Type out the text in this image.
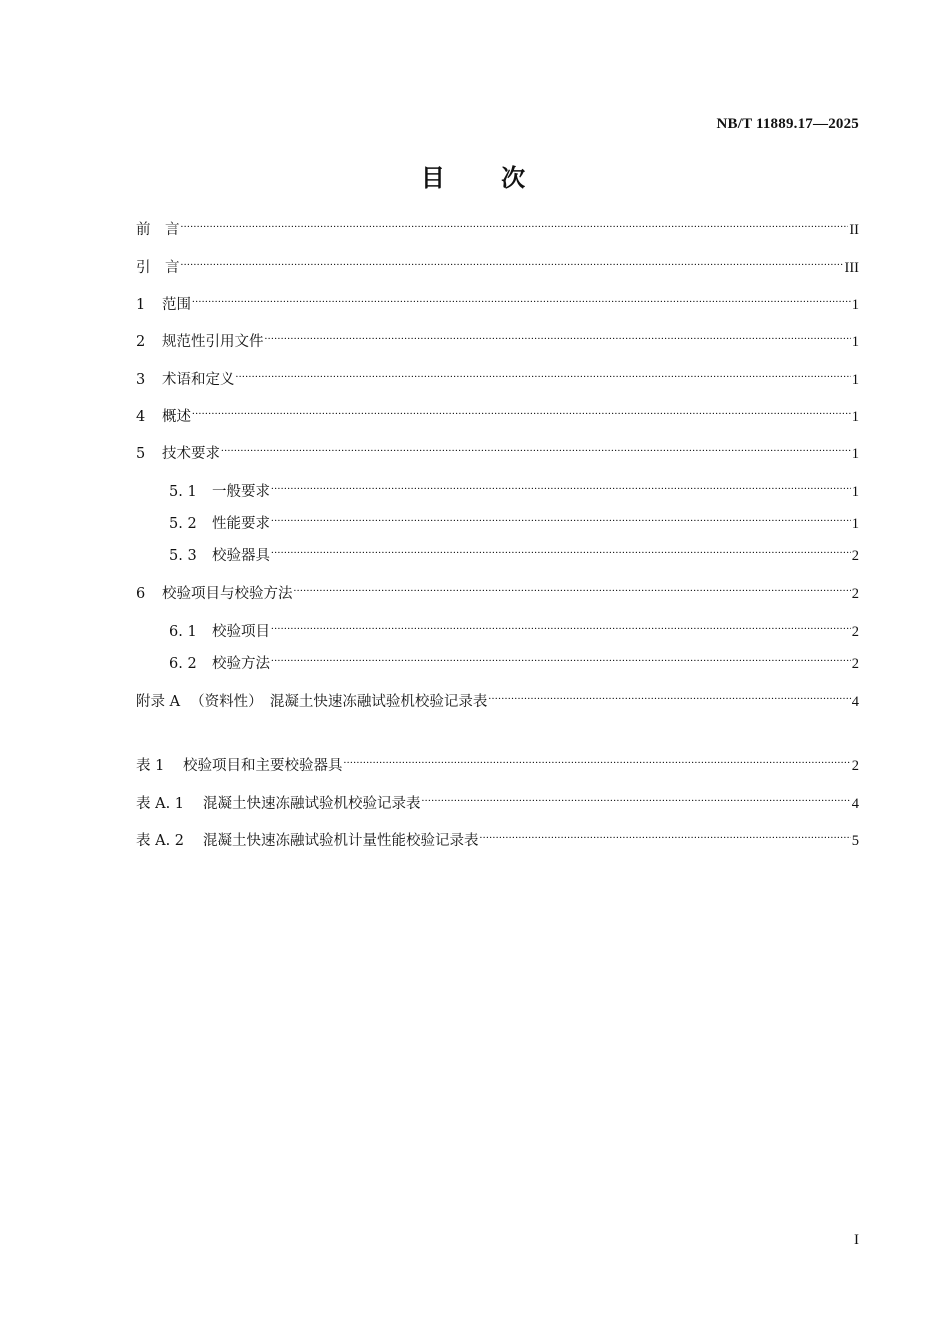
NB/T 11889.17—2025
目 次
前　言 .....	II
引　言 .....	III
1	范围 .....	1
2	规范性引用文件 .....	1
3	术语和定义 .....	1
4	概述 .....	1
5	技术要求 .....	1
5. 1	一般要求 .....	1
5. 2	性能要求 .....	1
5. 3	校验器具 .....	2
6	校验项目与校验方法 .....	2
6. 1	校验项目 .....	2
6. 2	校验方法 .....	2
附录 A （资料性）　混凝土快速冻融试验机校验记录表 .....	4
表 1	校验项目和主要校验器具 .....	2
表 A. 1	混凝土快速冻融试验机校验记录表 .....	4
表 A. 2	混凝土快速冻融试验机计量性能校验记录表 .....	5
I
